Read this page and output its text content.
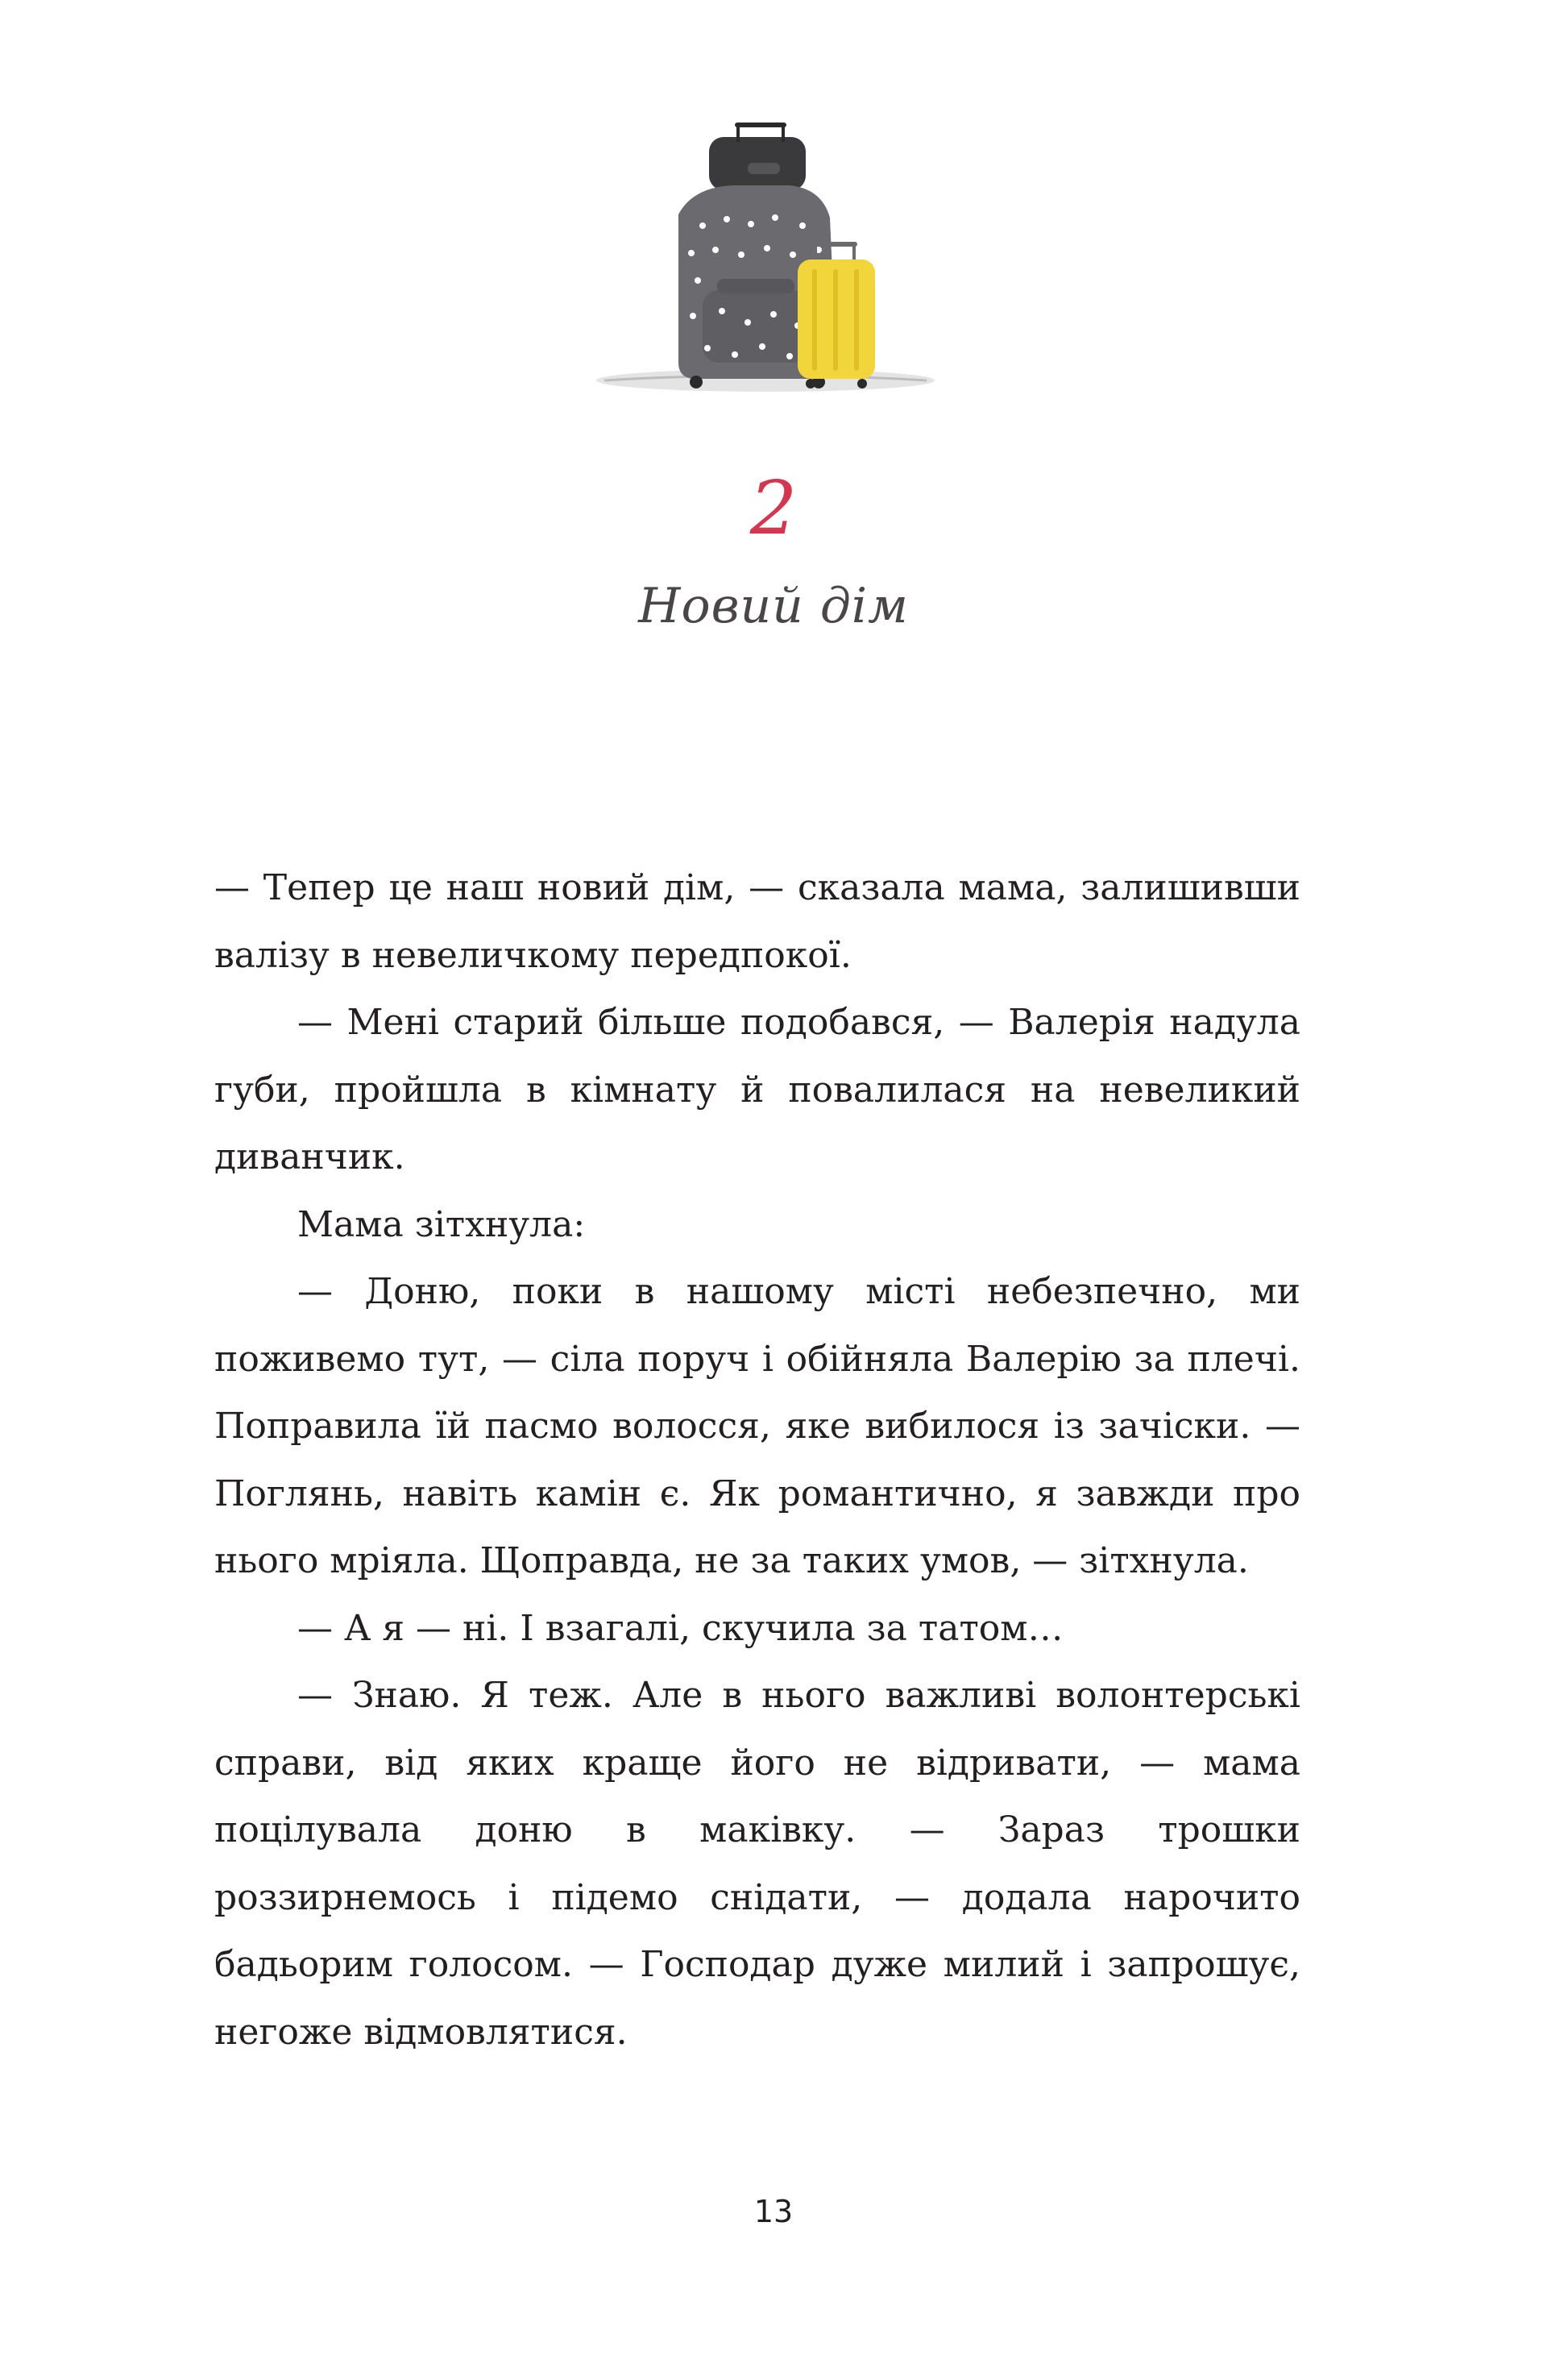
2
Новий дім

— Тепер це наш новий дім, — сказала мама, залишивши валізу в невеличкому передпокої.

— Мені старий більше подобався, — Валерія надула губи, пройшла в кімнату й повалилася на невеликий диванчик.

Мама зітхнула:

— Доню, поки в нашому місті небезпечно, ми поживемо тут, — сіла поруч і обійняла Валерію за плечі. Поправила їй пасмо волосся, яке вибилося із зачіски. — Поглянь, навіть камін є. Як романтично, я завжди про нього мріяла. Щоправда, не за таких умов, — зітхнула.

— А я — ні. І взагалі, скучила за татом…

— Знаю. Я теж. Але в нього важливі волонтерські справи, від яких краще його не відривати, — мама поцілувала доню в маківку. — Зараз трошки роззирнемось і підемо снідати, — додала нарочито бадьорим голосом. — Господар дуже милий і запрошує, негоже відмовлятися.

13
